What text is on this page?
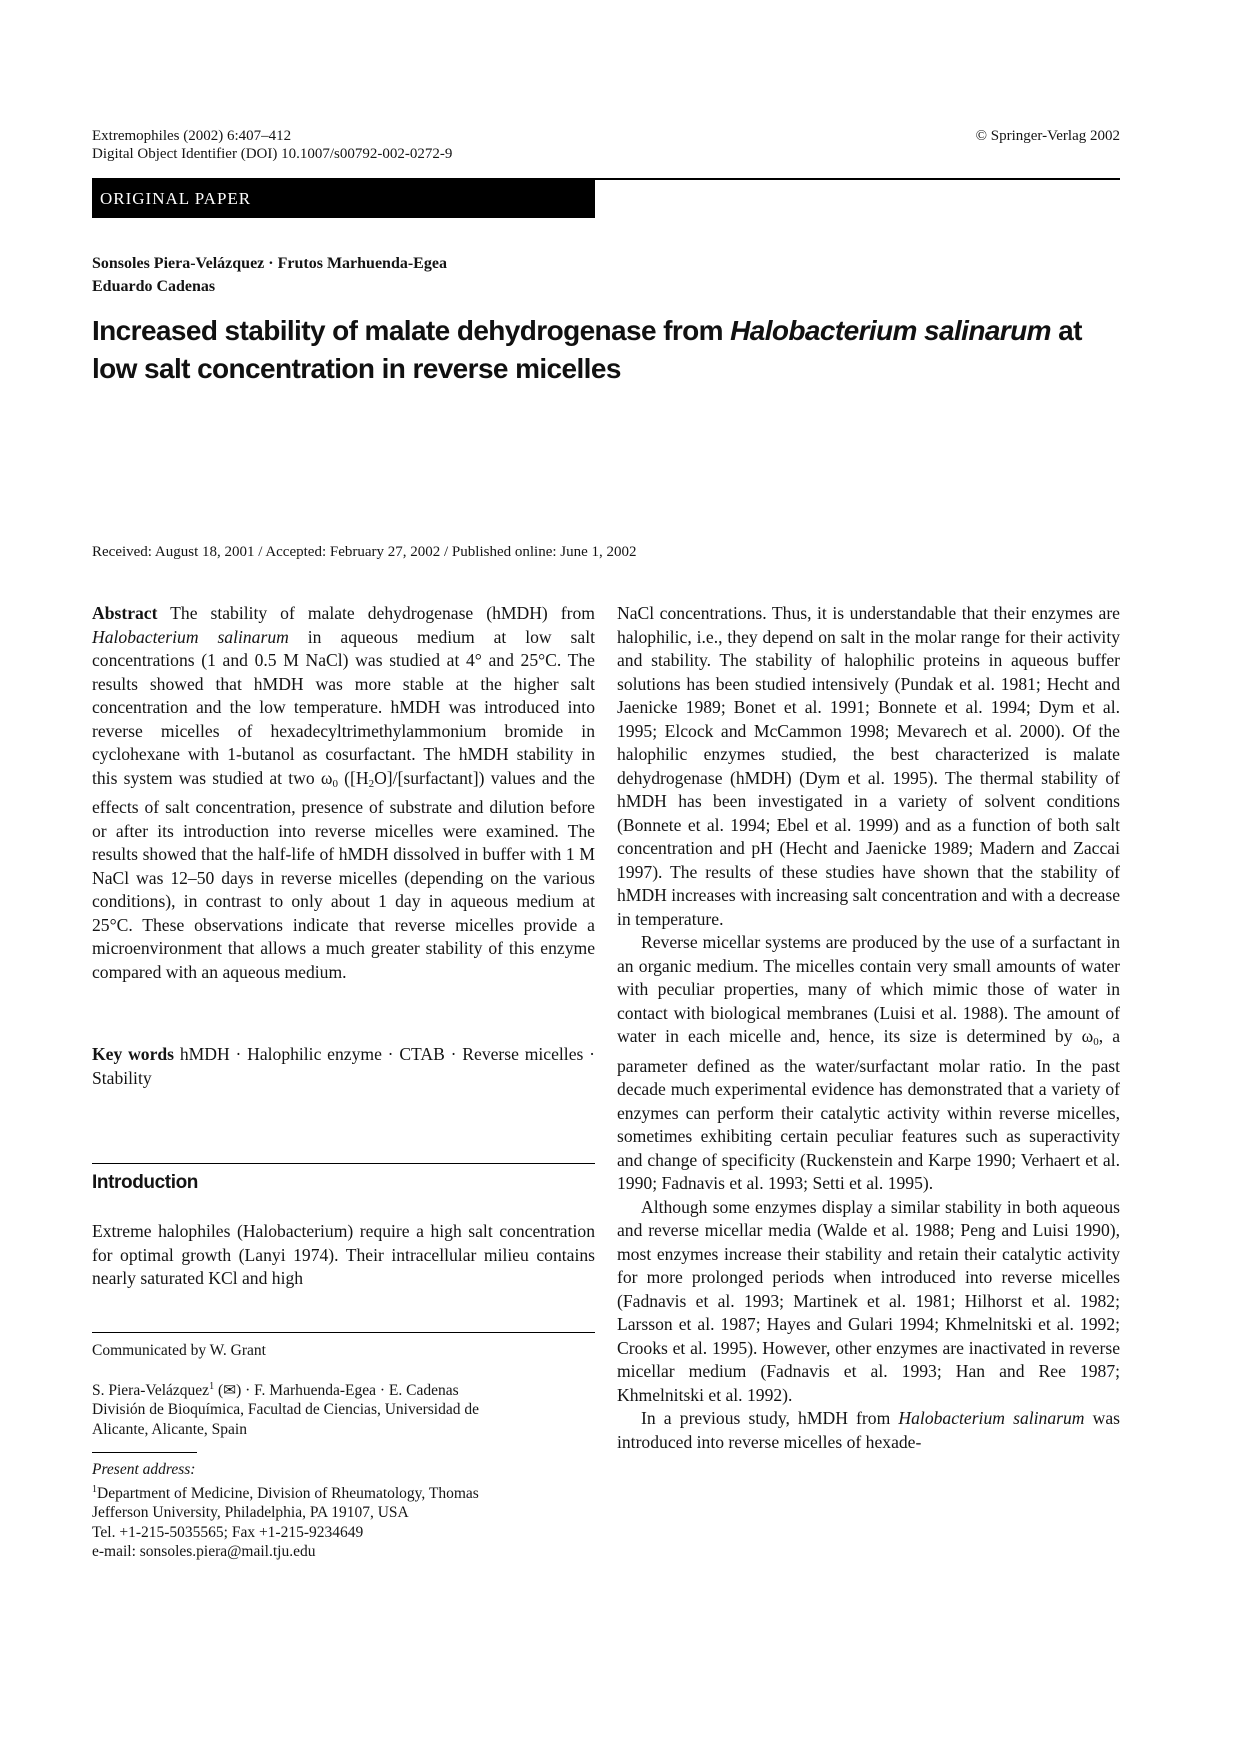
Extremophiles (2002) 6:407–412
Digital Object Identifier (DOI) 10.1007/s00792-002-0272-9
© Springer-Verlag 2002
ORIGINAL PAPER
Sonsoles Piera-Velázquez · Frutos Marhuenda-Egea
Eduardo Cadenas
Increased stability of malate dehydrogenase from Halobacterium salinarum at
low salt concentration in reverse micelles
Received: August 18, 2001 / Accepted: February 27, 2002 / Published online: June 1, 2002

Abstract The stability of malate dehydrogenase (hMDH) from Halobacterium salinarum in aqueous medium at low salt concentrations (1 and 0.5 M NaCl) was studied at 4° and 25°C. The results showed that hMDH was more stable at the higher salt concentration and the low temperature. hMDH was introduced into reverse micelles of hexadecyltrimethylammonium bromide in cyclohexane with 1-butanol as cosurfactant. The hMDH stability in this system was studied at two $\omega_0$ $([H_2O]/[surfactant])$ values and the effects of salt concentration, presence of substrate and dilution before or after its introduction into reverse micelles were examined. The results showed that the half-life of hMDH dissolved in buffer with 1 M NaCl was 12–50 days in reverse micelles (depending on the various conditions), in contrast to only about 1 day in aqueous medium at 25°C. These observations indicate that reverse micelles provide a microenvironment that allows a much greater stability of this enzyme compared with an aqueous medium.

Key words hMDH · Halophilic enzyme · CTAB · Reverse micelles · Stability

Introduction

Extreme halophiles (Halobacterium) require a high salt concentration for optimal growth (Lanyi 1974). Their intracellular milieu contains nearly saturated KCl and high

Communicated by W. Grant

S. Piera-Velázquez$^1$ (✉) · F. Marhuenda-Egea · E. Cadenas

División de Bioquímica, Facultad de Ciencias, Universidad de

Alicante, Alicante, Spain

Present address:

$^1$Department of Medicine, Division of Rheumatology, Thomas

Jefferson University, Philadelphia, PA 19107, USA

Tel. +1-215-5035565; Fax +1-215-9234649

e-mail: sonsoles.piera@mail.tju.edu

NaCl concentrations. Thus, it is understandable that their enzymes are halophilic, i.e., they depend on salt in the molar range for their activity and stability. The stability of halophilic proteins in aqueous buffer solutions has been studied intensively (Pundak et al. 1981; Hecht and Jaenicke 1989; Bonet et al. 1991; Bonnete et al. 1994; Dym et al. 1995; Elcock and McCammon 1998; Mevarech et al. 2000). Of the halophilic enzymes studied, the best characterized is malate dehydrogenase (hMDH) (Dym et al. 1995). The thermal stability of hMDH has been investigated in a variety of solvent conditions (Bonnete et al. 1994; Ebel et al. 1999) and as a function of both salt concentration and pH (Hecht and Jaenicke 1989; Madern and Zaccai 1997). The results of these studies have shown that the stability of hMDH increases with increasing salt concentration and with a decrease in temperature.

Reverse micellar systems are produced by the use of a surfactant in an organic medium. The micelles contain very small amounts of water with peculiar properties, many of which mimic those of water in contact with biological membranes (Luisi et al. 1988). The amount of water in each micelle and, hence, its size is determined by $\omega_0$, a parameter defined as the water/surfactant molar ratio. In the past decade much experimental evidence has demonstrated that a variety of enzymes can perform their catalytic activity within reverse micelles, sometimes exhibiting certain peculiar features such as superactivity and change of specificity (Ruckenstein and Karpe 1990; Verhaert et al. 1990; Fadnavis et al. 1993; Setti et al. 1995).

Although some enzymes display a similar stability in both aqueous and reverse micellar media (Walde et al. 1988; Peng and Luisi 1990), most enzymes increase their stability and retain their catalytic activity for more prolonged periods when introduced into reverse micelles (Fadnavis et al. 1993; Martinek et al. 1981; Hilhorst et al. 1982; Larsson et al. 1987; Hayes and Gulari 1994; Khmelnitski et al. 1992; Crooks et al. 1995). However, other enzymes are inactivated in reverse micellar medium (Fadnavis et al. 1993; Han and Ree 1987; Khmelnitski et al. 1992).

In a previous study, hMDH from Halobacterium salinarum was introduced into reverse micelles of hexade-
